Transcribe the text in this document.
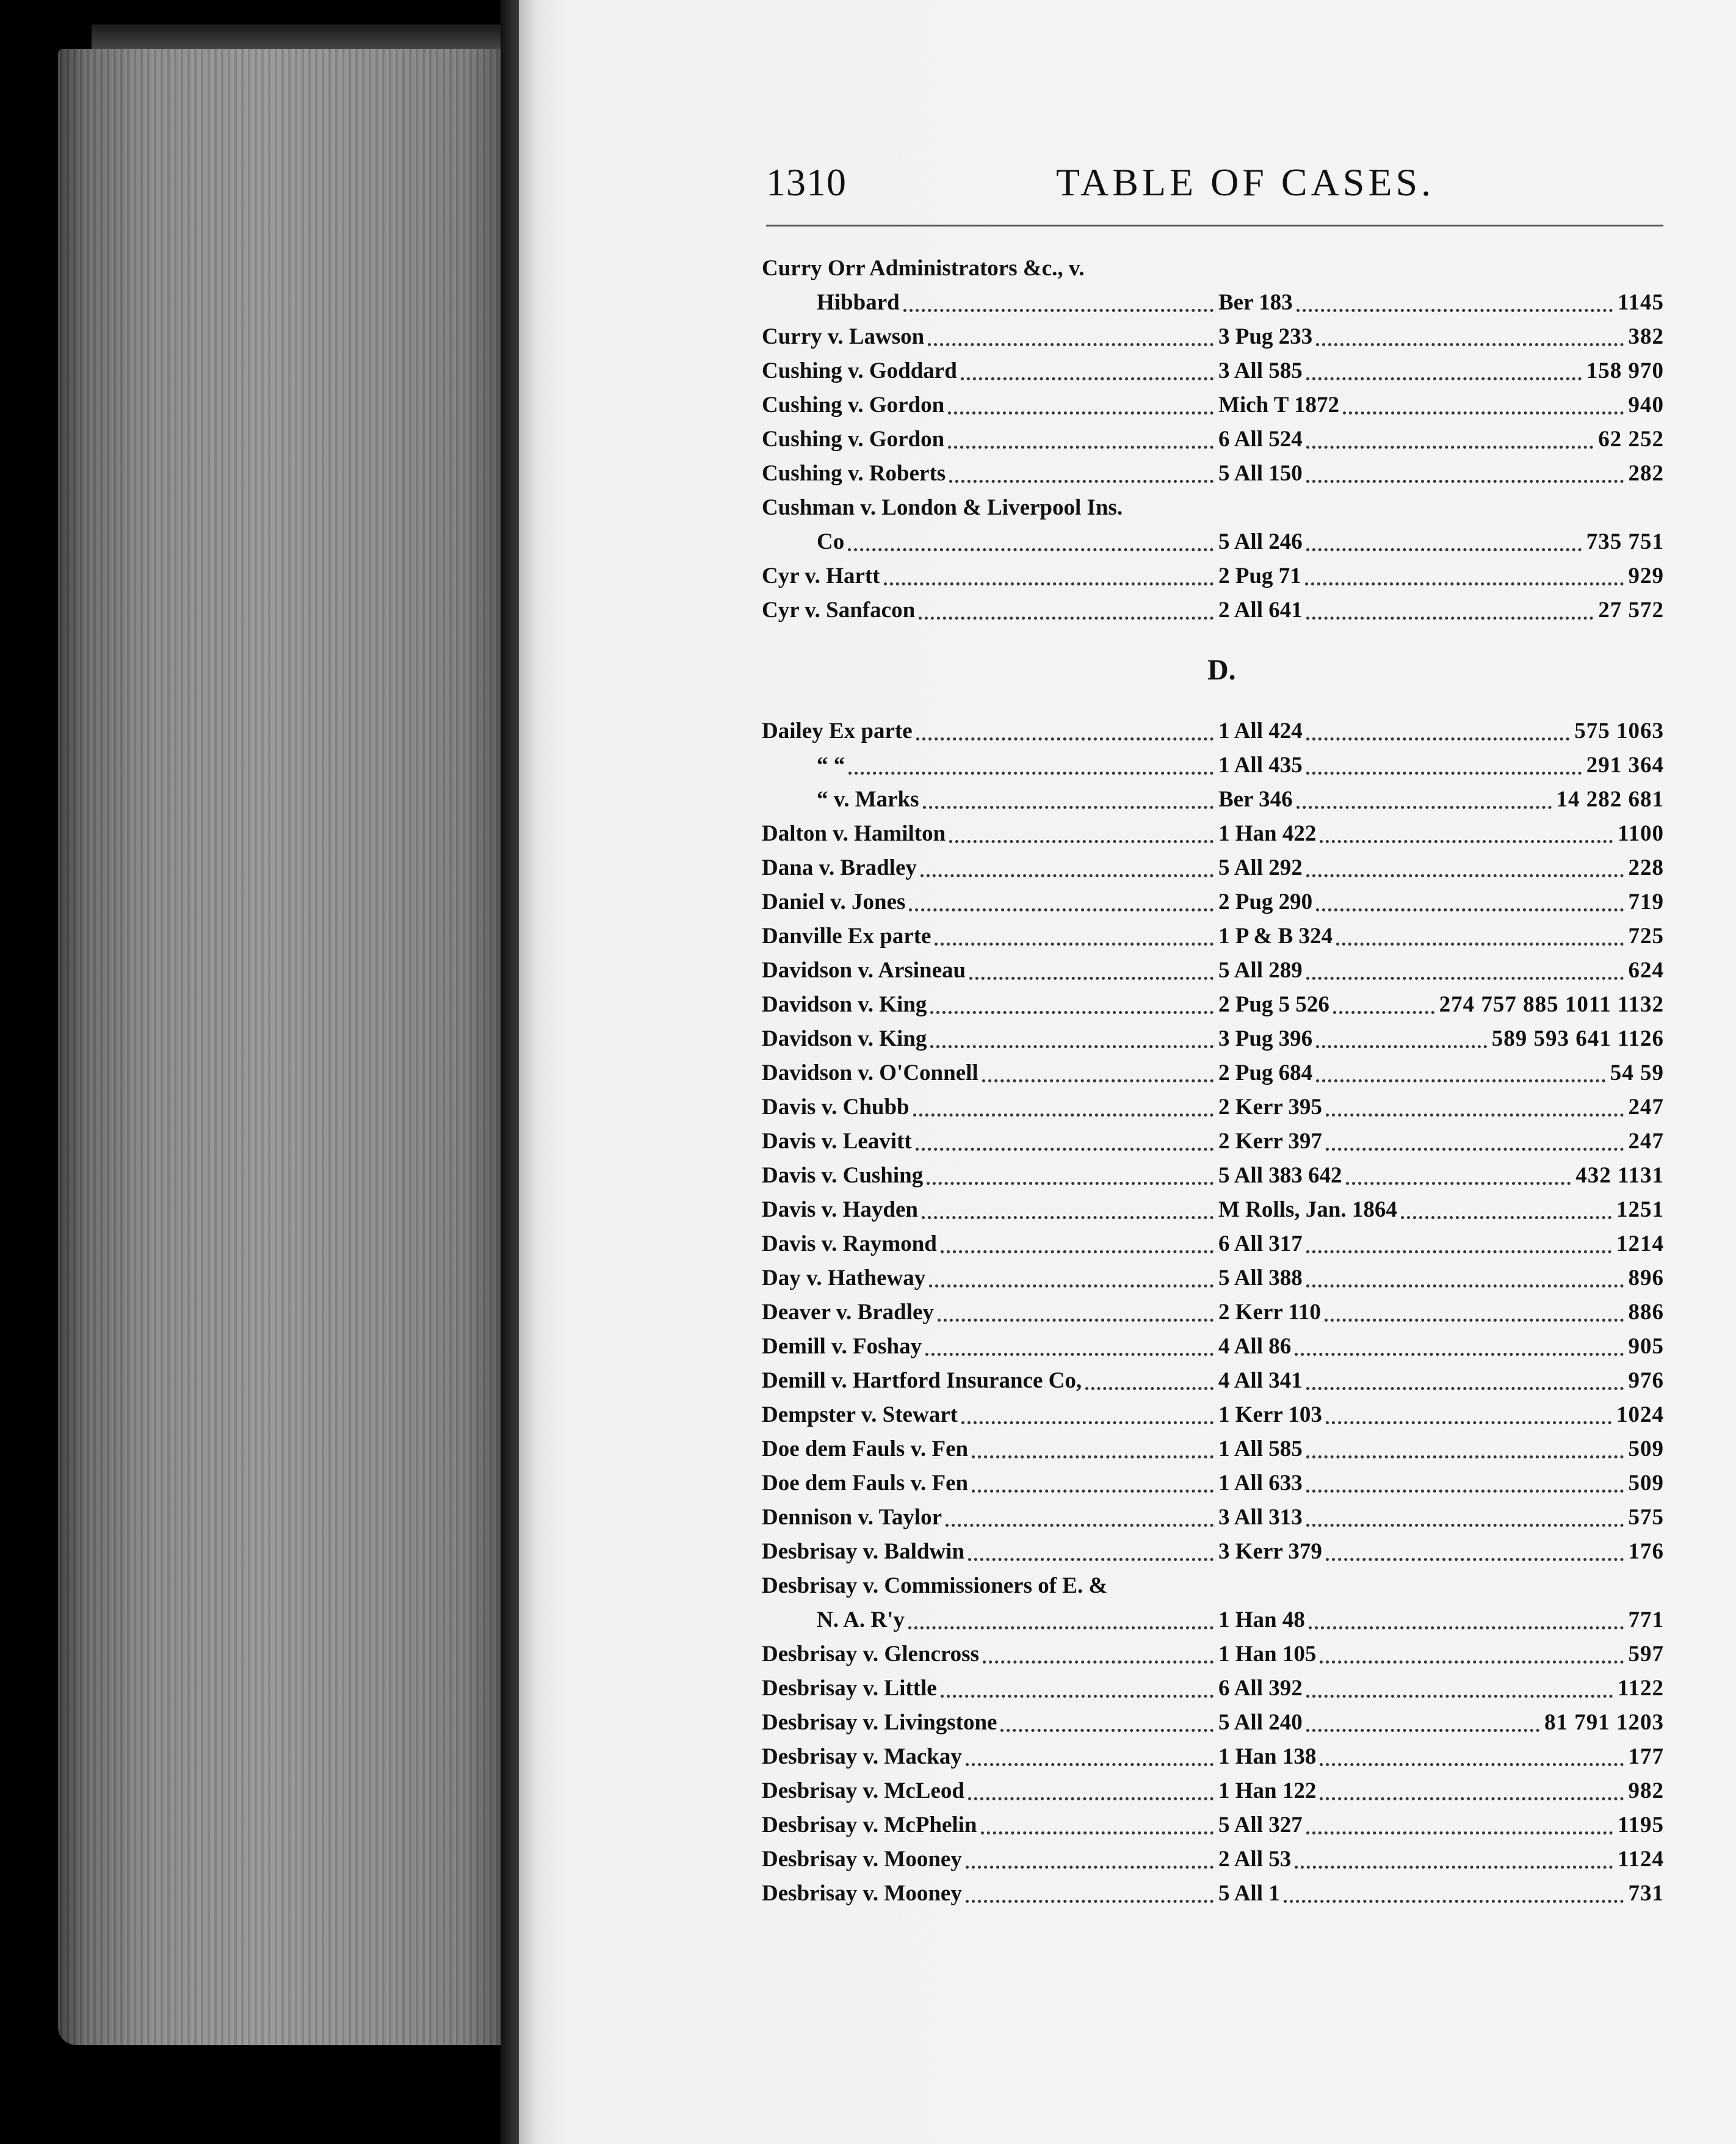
1310	TABLE OF CASES.
D.
Curry Orr Administrators &c., v.
Hibbard	Ber 183	1145
Curry v. Lawson	3 Pug 233	382
Cushing v. Goddard	3 All 585	158 970
Cushing v. Gordon	Mich T 1872	940
Cushing v. Gordon	6 All 524	62 252
Cushing v. Roberts	5 All 150	282
Cushman v. London & Liverpool Ins.
Co	5 All 246	735 751
Cyr v. Hartt	2 Pug 71	929
Cyr v. Sanfacon	2 All 641	27 572
Dailey Ex parte	1 All 424	575 1063
“ “	1 All 435	291 364
“ v. Marks	Ber 346	14 282 681
Dalton v. Hamilton	1 Han 422	1100
Dana v. Bradley	5 All 292	228
Daniel v. Jones	2 Pug 290	719
Danville Ex parte	1 P & B 324	725
Davidson v. Arsineau	5 All 289	624
Davidson v. King	2 Pug 5 526	274 757 885 1011 1132
Davidson v. King	3 Pug 396	589 593 641 1126
Davidson v. O'Connell	2 Pug 684	54 59
Davis v. Chubb	2 Kerr 395	247
Davis v. Leavitt	2 Kerr 397	247
Davis v. Cushing	5 All 383 642	432 1131
Davis v. Hayden	M Rolls, Jan. 1864	1251
Davis v. Raymond	6 All 317	1214
Day v. Hatheway	5 All 388	896
Deaver v. Bradley	2 Kerr 110	886
Demill v. Foshay	4 All 86	905
Demill v. Hartford Insurance Co,	4 All 341	976
Dempster v. Stewart	1 Kerr 103	1024
Doe dem Fauls v. Fen	1 All 585	509
Doe dem Fauls v. Fen	1 All 633	509
Dennison v. Taylor	3 All 313	575
Desbrisay v. Baldwin	3 Kerr 379	176
Desbrisay v. Commissioners of E. &
N. A. R'y	1 Han 48	771
Desbrisay v. Glencross	1 Han 105	597
Desbrisay v. Little	6 All 392	1122
Desbrisay v. Livingstone	5 All 240	81 791 1203
Desbrisay v. Mackay	1 Han 138	177
Desbrisay v. McLeod	1 Han 122	982
Desbrisay v. McPhelin	5 All 327	1195
Desbrisay v. Mooney	2 All 53	1124
Desbrisay v. Mooney	5 All 1	731
